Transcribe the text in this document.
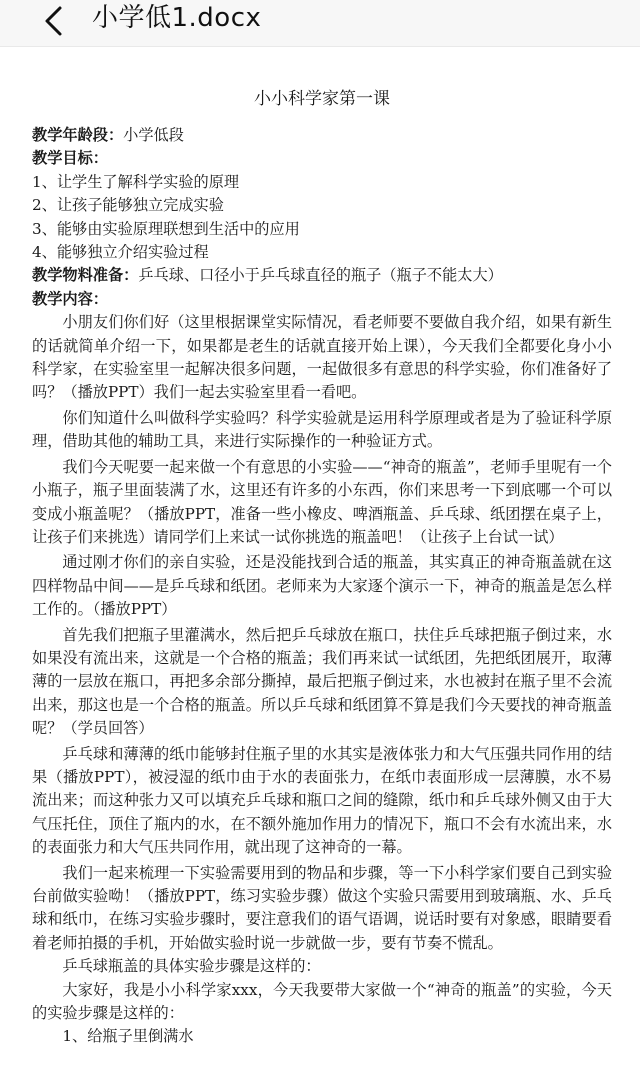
小学低1.docx
小小科学家第一课
教学年龄段：小学低段
教学目标：
1、让学生了解科学实验的原理
2、让孩子能够独立完成实验
3、能够由实验原理联想到生活中的应用
4、能够独立介绍实验过程
教学物料准备：乒乓球、口径小于乒乓球直径的瓶子（瓶子不能太大）
教学内容：

小朋友们你们好（这里根据课堂实际情况，看老师要不要做自我介绍，如果有新生的话就简单介绍一下，如果都是老生的话就直接开始上课），今天我们全都要化身小小科学家，在实验室里一起解决很多问题，一起做很多有意思的科学实验，你们准备好了吗？（播放PPT）我们一起去实验室里看一看吧。

你们知道什么叫做科学实验吗？科学实验就是运用科学原理或者是为了验证科学原理，借助其他的辅助工具，来进行实际操作的一种验证方式。

我们今天呢要一起来做一个有意思的小实验——“神奇的瓶盖”，老师手里呢有一个小瓶子，瓶子里面装满了水，这里还有许多的小东西，你们来思考一下到底哪一个可以变成小瓶盖呢？（播放PPT，准备一些小橡皮、啤酒瓶盖、乒乓球、纸团摆在桌子上，让孩子们来挑选）请同学们上来试一试你挑选的瓶盖吧！（让孩子上台试一试）

通过刚才你们的亲自实验，还是没能找到合适的瓶盖，其实真正的神奇瓶盖就在这四样物品中间——是乒乓球和纸团。老师来为大家逐个演示一下，神奇的瓶盖是怎么样工作的。（播放PPT）

首先我们把瓶子里灌满水，然后把乒乓球放在瓶口，扶住乒乓球把瓶子倒过来，水如果没有流出来，这就是一个合格的瓶盖；我们再来试一试纸团，先把纸团展开，取薄薄的一层放在瓶口，再把多余部分撕掉，最后把瓶子倒过来，水也被封在瓶子里不会流出来，那这也是一个合格的瓶盖。所以乒乓球和纸团算不算是我们今天要找的神奇瓶盖呢？（学员回答）

乒乓球和薄薄的纸巾能够封住瓶子里的水其实是液体张力和大气压强共同作用的结果（播放PPT），被浸湿的纸巾由于水的表面张力，在纸巾表面形成一层薄膜，水不易流出来；而这种张力又可以填充乒乓球和瓶口之间的缝隙，纸巾和乒乓球外侧又由于大气压托住，顶住了瓶内的水，在不额外施加作用力的情况下，瓶口不会有水流出来，水的表面张力和大气压共同作用，就出现了这神奇的一幕。

我们一起来梳理一下实验需要用到的物品和步骤，等一下小科学家们要自己到实验台前做实验呦！（播放PPT，练习实验步骤）做这个实验只需要用到玻璃瓶、水、乒乓球和纸巾，在练习实验步骤时，要注意我们的语气语调，说话时要有对象感，眼睛要看着老师拍摄的手机，开始做实验时说一步就做一步，要有节奏不慌乱。

乒乓球瓶盖的具体实验步骤是这样的：

大家好，我是小小科学家xxx，今天我要带大家做一个“神奇的瓶盖”的实验，今天的实验步骤是这样的：

1、给瓶子里倒满水
